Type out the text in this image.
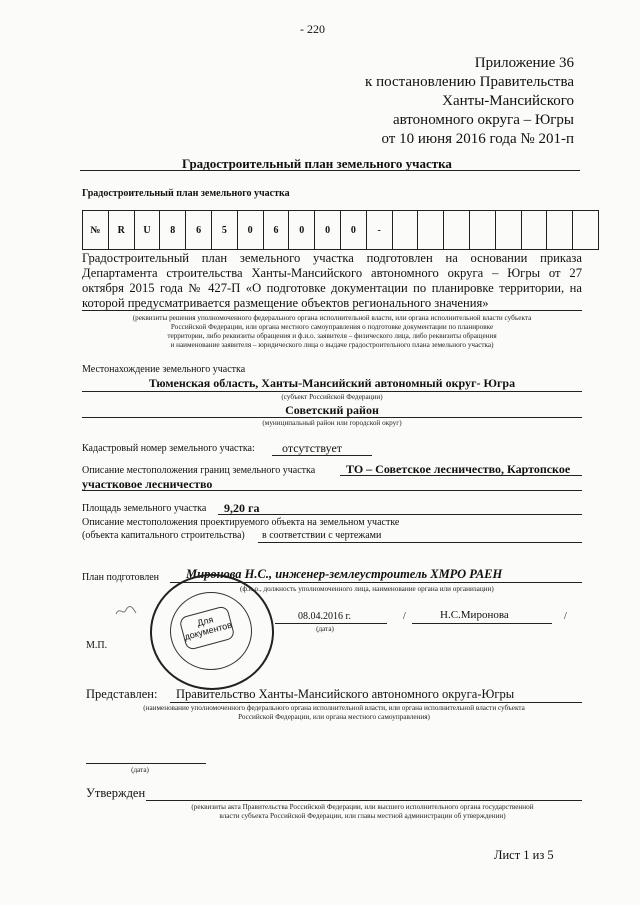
- 220
Приложение 36
к постановлению Правительства
Ханты-Мансийского
автономного округа – Югры
от 10 июня 2016 года № 201-п
Градостроительный план земельного участка
Градостроительный план земельного участка
№	R	U	8	6	5	0	6	0	0	0	-
Градостроительный план земельного участка подготовлен на основании приказа
Департамента строительства Ханты-Мансийского автономного округа – Югры от 27
октября 2015 года № 427-П «О подготовке документации по планировке территории, на
которой предусматривается размещение объектов регионального значения»
(реквизиты решения уполномоченного федерального органа исполнительной власти, или органа исполнительной власти субъекта
Российской Федерации, или органа местного самоуправления о подготовке документации по планировке
территории, либо реквизиты обращения и ф.и.о. заявителя – физического лица, либо реквизиты обращения
и наименование заявителя – юридического лица о выдаче градостроительного плана земельного участка)
Местонахождение земельного участка
Тюменская область, Ханты-Мансийский автономный округ- Югра
(субъект Российской Федерации)
Советский район
(муниципальный район или городской округ)
Кадастровый номер земельного участка: отсутствует
Описание местоположения границ земельного участка	ТО – Советское лесничество, Картопское
участковое лесничество
Площадь земельного участка 9,20 га
Описание местоположения проектируемого объекта на земельном участке
(объекта капитального строительства) в соответствии с чертежами
План подготовлен Миронова Н.С., инженер-землеустроитель ХМРО РАЕН
(ф.и.о., должность уполномоченного лица, наименование органа или организации)
08.04.2016 г.
(дата)
/	Н.С.Миронова	/
М.П.
Для документов
Представлен: Правительство Ханты-Мансийского автономного округа-Югры
(наименование уполномоченного федерального органа исполнительной власти, или органа исполнительной власти субъекта
Российской Федерации, или органа местного самоуправления)
(дата)
Утвержден
(реквизиты акта Правительства Российской Федерации, или высшего исполнительного органа государственной
власти субъекта Российской Федерации, или главы местной администрации об утверждении)
Лист 1 из 5
